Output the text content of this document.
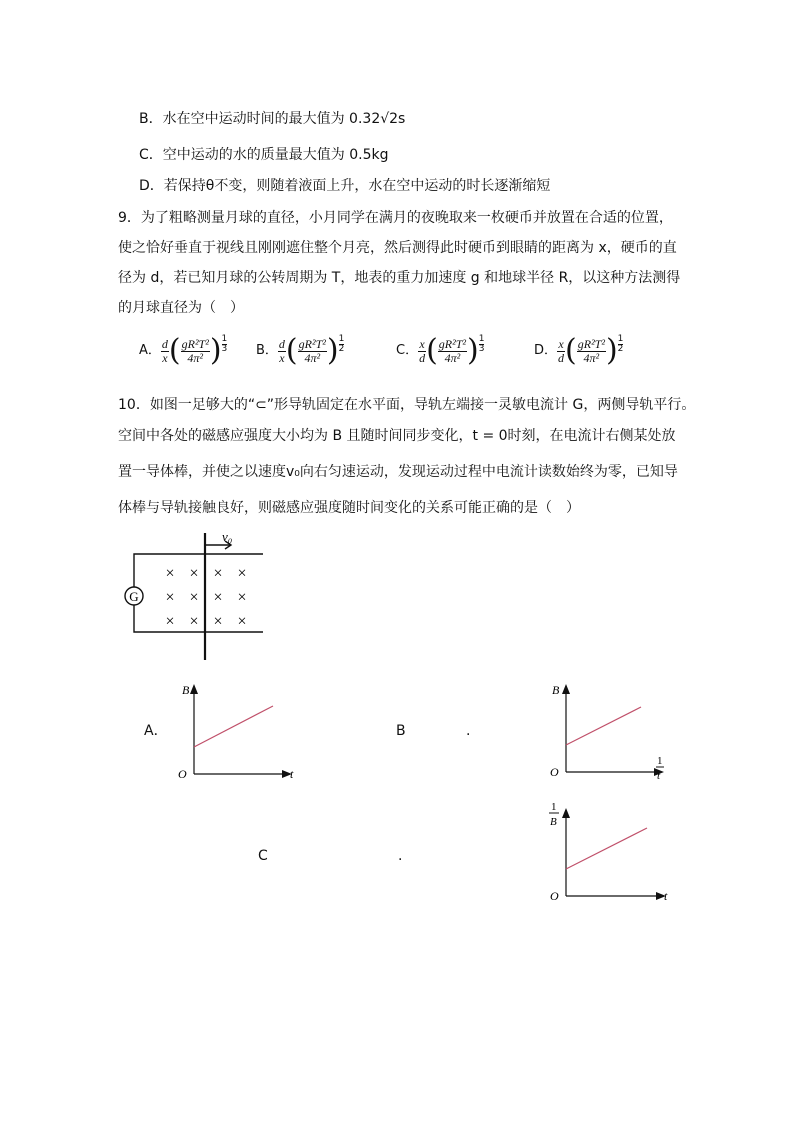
B．水在空中运动时间的最大值为 0.32√2s
C．空中运动的水的质量最大值为 0.5kg
D．若保持θ不变，则随着液面上升，水在空中运动的时长逐渐缩短
9．为了粗略测量月球的直径，小月同学在满月的夜晚取来一枚硬币并放置在合适的位置，
使之恰好垂直于视线且刚刚遮住整个月亮，然后测得此时硬币到眼睛的距离为 x，硬币的直
径为 d，若已知月球的公转周期为 T，地表的重力加速度 g 和地球半径 R，以这种方法测得
的月球直径为（　）
A． $\frac{d}{x}$ ( $\frac{\text{gR²T²}}{\text{4π²}}$ ) $\frac{1}{3}$ B． $\frac{d}{x}$ ( $\frac{\text{gR²T²}}{\text{4π²}}$ ) $\frac{1}{2}$	C． $\frac{x}{d}$ ( $\frac{\text{gR²T²}}{\text{4π²}}$ ) $\frac{1}{3}$	D． $\frac{x}{d}$ ( $\frac{\text{gR²T²}}{\text{4π²}}$ ) $\frac{1}{2}$
10．如图一足够大的“⊂”形导轨固定在水平面，导轨左端接一灵敏电流计 G，两侧导轨平行。
空间中各处的磁感应强度大小均为 B 且随时间同步变化，t = 0时刻，在电流计右侧某处放
置一导体棒，并使之以速度v₀向右匀速运动，发现运动过程中电流计读数始终为零，已知导
体棒与导轨接触良好，则磁感应强度随时间变化的关系可能正确的是（　）
G
v₀
× × × ×
× × × ×
× × × ×
A．	B	.
C	.
B
t
O
B
1
t
O
1
B
t
O
